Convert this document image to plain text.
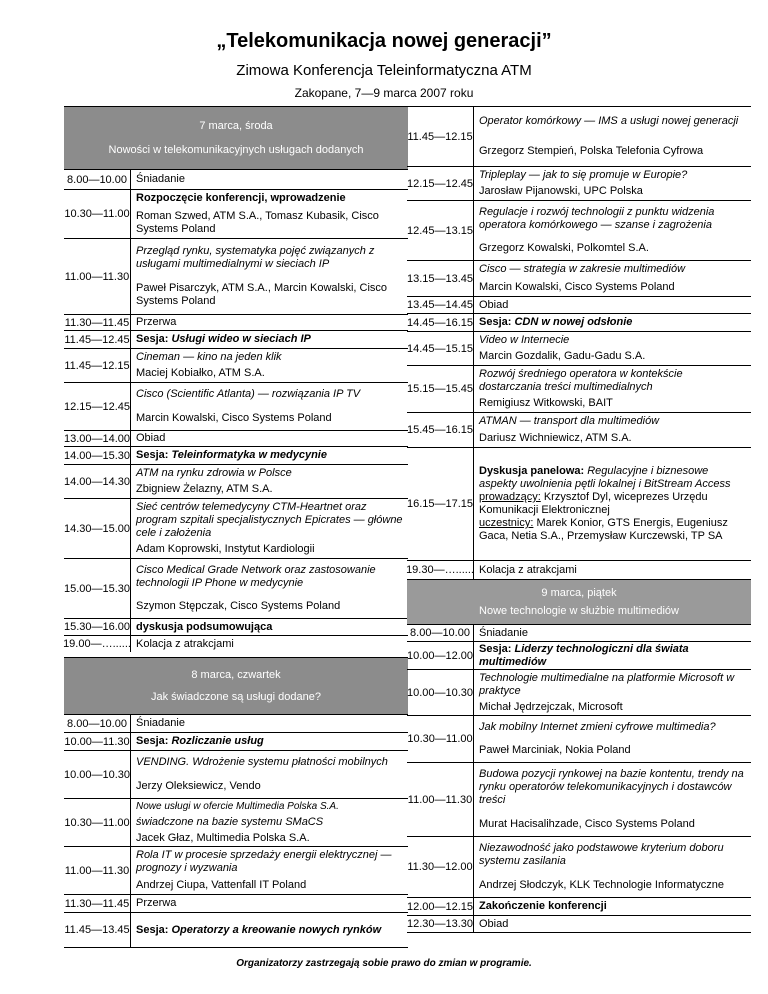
„Telekomunikacja nowej generacji”
Zimowa Konferencja Teleinformatyczna ATM
Zakopane, 7—9 marca 2007 roku
7 marca, środa
Nowości w telekomunikacyjnych usługach dodanych
8.00—10.00 Śniadanie
10.30—11.00
Rozpoczęcie konferencji, wprowadzenie
Roman Szwed, ATM S.A., Tomasz Kubasik, Cisco Systems Poland
11.00—11.30
Przegląd rynku, systematyka pojęć związanych z usługami multimedialnymi w sieciach IP
Paweł Pisarczyk, ATM S.A., Marcin Kowalski, Cisco Systems Poland
11.30—11.45 Przerwa
11.45—12.45 Sesja: Usługi wideo w sieciach IP
11.45—12.15
Cineman — kino na jeden klik
Maciej Kobiałko, ATM S.A.
12.15—12.45
Cisco (Scientific Atlanta) — rozwiązania IP TV
Marcin Kowalski, Cisco Systems Poland
13.00—14.00 Obiad
14.00—15.30 Sesja: Teleinformatyka w medycynie
14.00—14.30
ATM na rynku zdrowia w Polsce
Zbigniew Żelazny, ATM S.A.
14.30—15.00
Sieć centrów telemedycyny CTM-Heartnet oraz program szpitali specjalistycznych Epicrates — główne cele i założenia
Adam Koprowski, Instytut Kardiologii
15.00—15.30
Cisco Medical Grade Network oraz zastosowanie technologii IP Phone w medycynie
Szymon Stępczak, Cisco Systems Poland
15.30—16.00 dyskusja podsumowująca
19.00—…...... Kolacja z atrakcjami
8 marca, czwartek
Jak świadczone są usługi dodane?
8.00—10.00 Śniadanie
10.00—11.30 Sesja: Rozliczanie usług
10.00—10.30
VENDING. Wdrożenie systemu płatności mobilnych
Jerzy Oleksiewicz, Vendo
10.30—11.00
Nowe usługi w ofercie Multimedia Polska S.A.
świadczone na bazie systemu SMaCS
Jacek Głaz, Multimedia Polska S.A.
11.00—11.30
Rola IT w procesie sprzedaży energii elektrycznej — prognozy i wyzwania
Andrzej Ciupa, Vattenfall IT Poland
11.30—11.45 Przerwa
11.45—13.45 Sesja: Operatorzy a kreowanie nowych rynków
11.45—12.15
Operator komórkowy — IMS a usługi nowej generacji
Grzegorz Stempień, Polska Telefonia Cyfrowa
12.15—12.45
Tripleplay — jak to się promuje w Europie?
Jarosław Pijanowski, UPC Polska
12.45—13.15
Regulacje i rozwój technologii z punktu widzenia operatora komórkowego — szanse i zagrożenia
Grzegorz Kowalski, Polkomtel S.A.
13.15—13.45
Cisco — strategia w zakresie multimediów
Marcin Kowalski, Cisco Systems Poland
13.45—14.45 Obiad
14.45—16.15 Sesja: CDN w nowej odsłonie
14.45—15.15
Video w Internecie
Marcin Gozdalik, Gadu-Gadu S.A.
15.15—15.45
Rozwój średniego operatora w kontekście dostarczania treści multimedialnych
Remigiusz Witkowski, BAIT
15.45—16.15
ATMAN — transport dla multimediów
Dariusz Wichniewicz, ATM S.A.
16.15—17.15
Dyskusja panelowa: Regulacyjne i biznesowe aspekty uwolnienia pętli lokalnej i BitStream Access
prowadzący: Krzysztof Dyl, wiceprezes Urzędu Komunikacji Elektronicznej
uczestnicy: Marek Konior, GTS Energis, Eugeniusz Gaca, Netia S.A., Przemysław Kurczewski, TP SA
19.30—…...... Kolacja z atrakcjami
9 marca, piątek
Nowe technologie w służbie multimediów
8.00—10.00 Śniadanie
10.00—12.00
Sesja: Liderzy technologiczni dla świata multimediów
10.00—10.30
Technologie multimedialne na platformie Microsoft w praktyce
Michał Jędrzejczak, Microsoft
10.30—11.00
Jak mobilny Internet zmieni cyfrowe multimedia?
Paweł Marciniak, Nokia Poland
11.00—11.30
Budowa pozycji rynkowej na bazie kontentu, trendy na rynku operatorów telekomunikacyjnych i dostawców treści
Murat Hacisalihzade, Cisco Systems Poland
11.30—12.00
Niezawodność jako podstawowe kryterium doboru systemu zasilania
Andrzej Słodczyk, KLK Technologie Informatyczne
12.00—12.15 Zakończenie konferencji
12.30—13.30 Obiad
Organizatorzy zastrzegają sobie prawo do zmian w programie.
